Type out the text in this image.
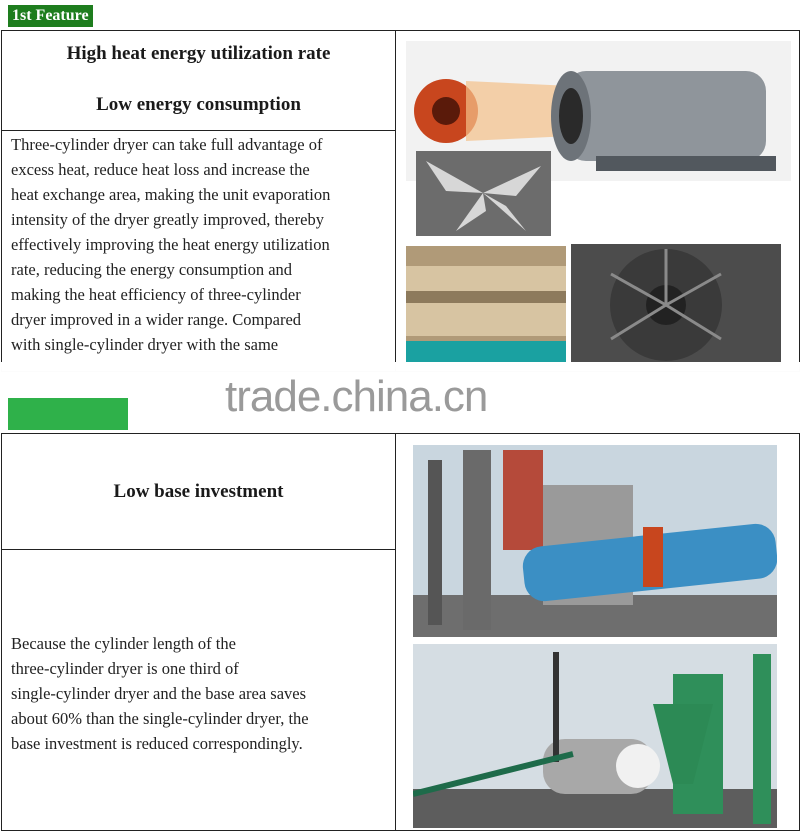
1st Feature
High heat energy utilization rate
Low energy consumption
Three-cylinder dryer can take full advantage of
excess heat, reduce heat loss and increase the
heat exchange area, making the unit evaporation
intensity of the dryer greatly improved, thereby
effectively improving the heat energy utilization
rate, reducing the energy consumption and
making the heat efficiency of three-cylinder
dryer improved in a wider range. Compared
with single-cylinder dryer with the same
trade.china.cn
Low base investment
Because the cylinder length of the
three-cylinder dryer is one third of
single-cylinder dryer and the base area saves
about 60% than the single-cylinder dryer, the
base investment is reduced correspondingly.
